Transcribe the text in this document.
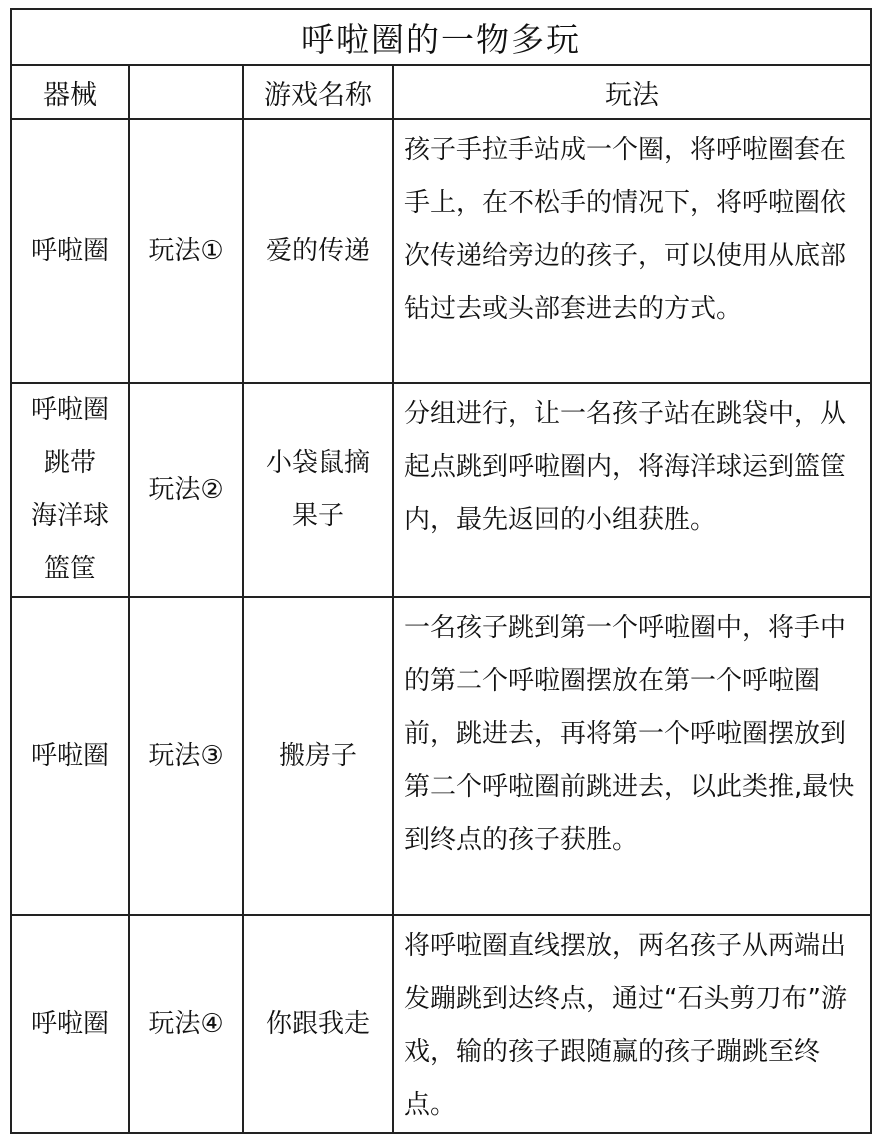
呼啦圈的一物多玩			
器械		游戏名称	玩法

呼啦圈	玩法①	爱的传递	孩子手拉手站成一个圈，将呼啦圈套在手上，在不松手的情况下，将呼啦圈依次传递给旁边的孩子，可以使用从底部钻过去或头部套进去的方式。

呼啦圈
跳带
海洋球
篮筐	玩法②	小袋鼠摘果子	分组进行，让一名孩子站在跳袋中，从起点跳到呼啦圈内，将海洋球运到篮筐内，最先返回的小组获胜。

呼啦圈	玩法③	搬房子	一名孩子跳到第一个呼啦圈中，将手中的第二个呼啦圈摆放在第一个呼啦圈前，跳进去，再将第一个呼啦圈摆放到第二个呼啦圈前跳进去，以此类推,最快到终点的孩子获胜。

呼啦圈	玩法④	你跟我走	将呼啦圈直线摆放，两名孩子从两端出发蹦跳到达终点，通过“石头剪刀布”游戏，输的孩子跟随赢的孩子蹦跳至终点。
